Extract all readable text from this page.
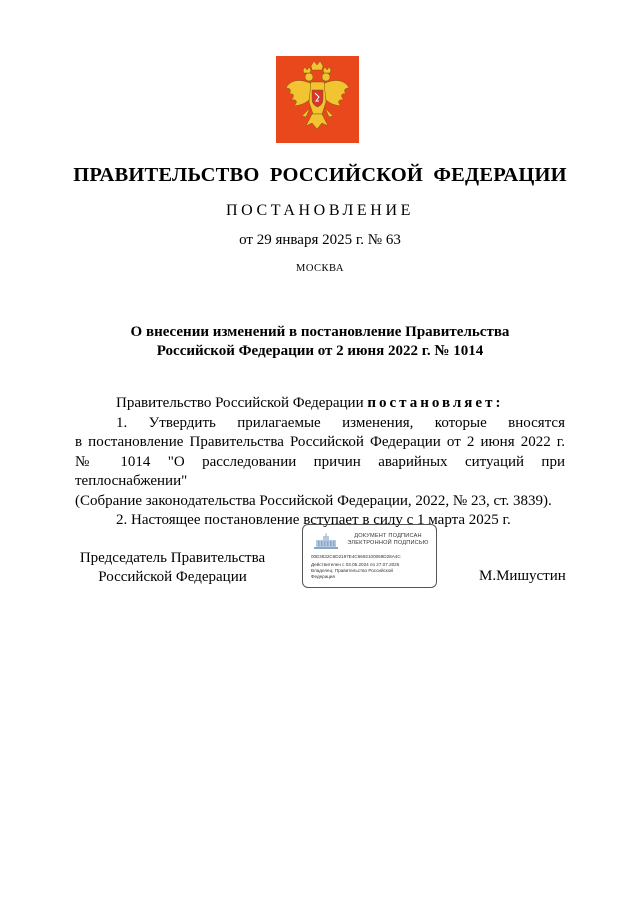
ПРАВИТЕЛЬСТВО РОССИЙСКОЙ ФЕДЕРАЦИИ
ПОСТАНОВЛЕНИЕ
от 29 января 2025 г. № 63
МОСКВА
О внесении изменений в постановление Правительства
Российской Федерации от 2 июня 2022 г. № 1014

Правительство Российской Федерации постановляет:

1. Утвердить прилагаемые изменения, которые вносятся

в постановление Правительства Российской Федерации от 2 июня 2022 г.

№ 1014 "О расследовании причин аварийных ситуаций при теплоснабжении"

(Собрание законодательства Российской Федерации, 2022, № 23, ст. 3839).

2. Настоящее постановление вступает в силу с 1 марта 2025 г.

Председатель Правительства
Российской Федерации
ДОКУМЕНТ ПОДПИСАН
ЭЛЕКТРОННОЙ ПОДПИСЬЮ
00E3632C6D2197E4C6692100069D28A4C
Действителен с 03.05.2024 по 27.07.2025
Владелец: Правительство Российской
Федерация	М.Мишустин
